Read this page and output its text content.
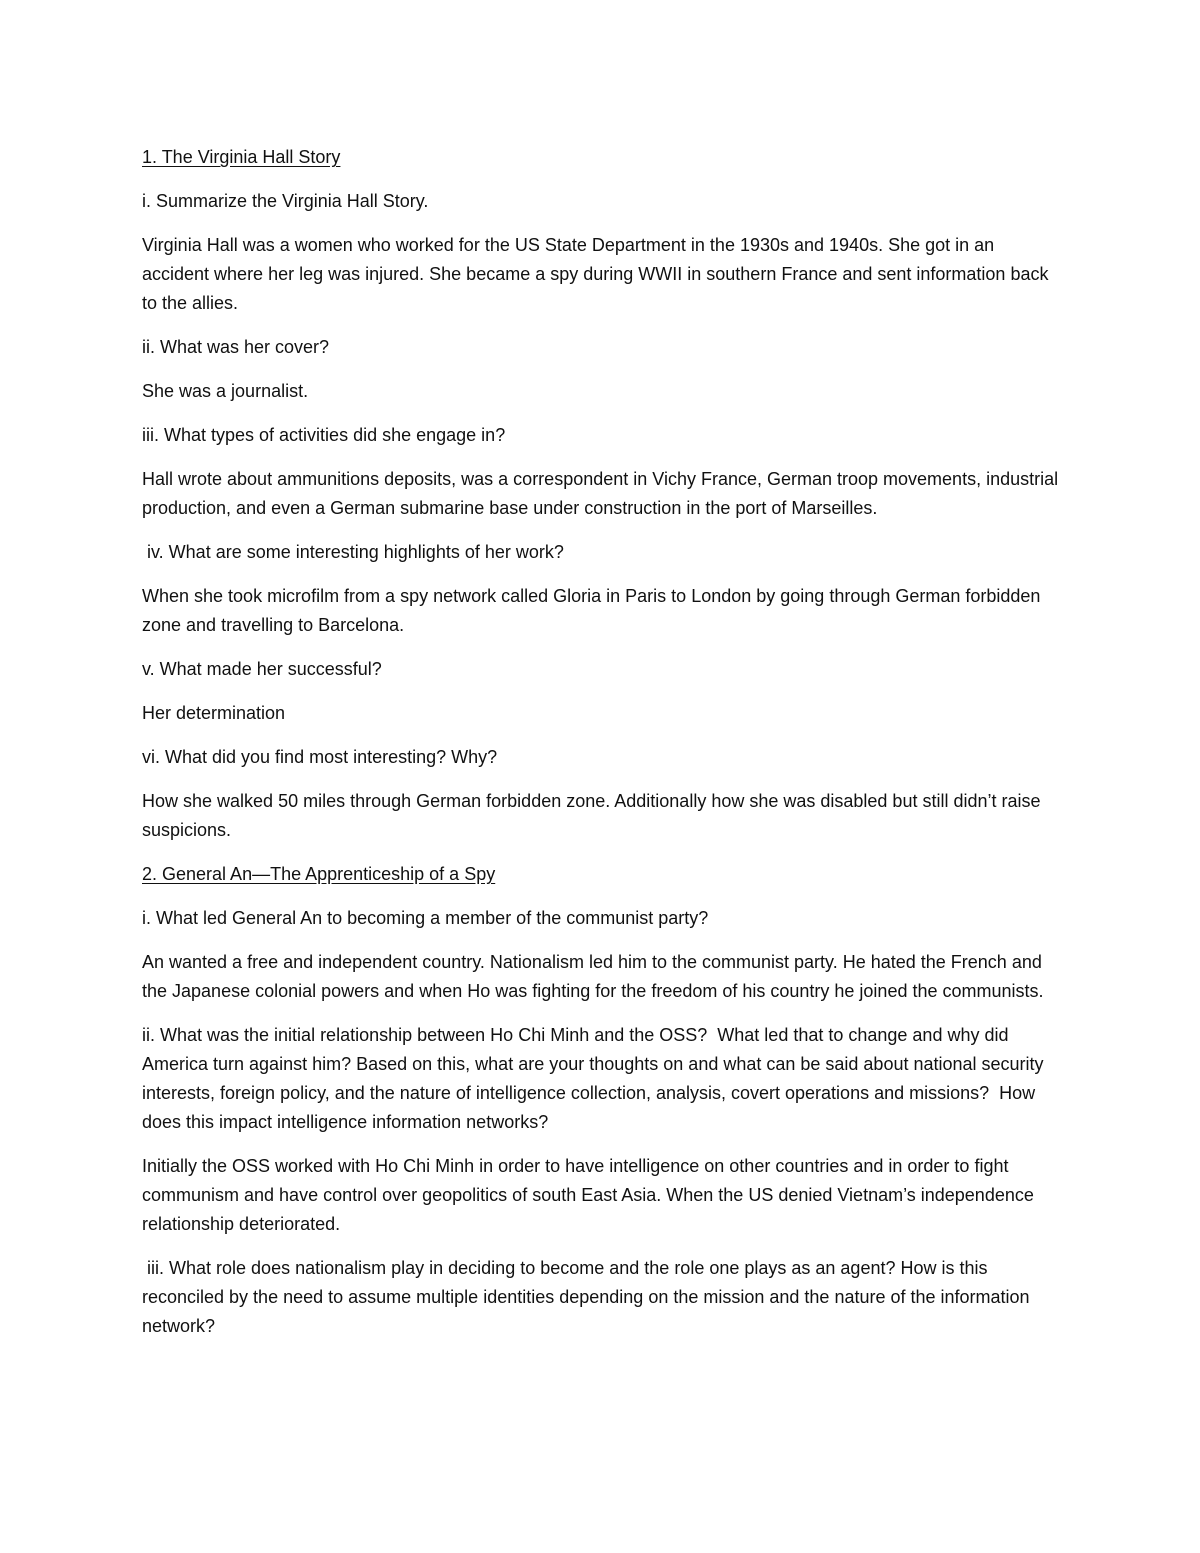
1. The Virginia Hall Story

i. Summarize the Virginia Hall Story.

Virginia Hall was a women who worked for the US State Department in the 1930s and 1940s. She got in an accident where her leg was injured. She became a spy during WWII in southern France and sent information back to the allies.

ii. What was her cover?

She was a journalist.

iii. What types of activities did she engage in?

Hall wrote about ammunitions deposits, was a correspondent in Vichy France, German troop movements, industrial production, and even a German submarine base under construction in the port of Marseilles.

iv. What are some interesting highlights of her work?

When she took microfilm from a spy network called Gloria in Paris to London by going through German forbidden zone and travelling to Barcelona.

v. What made her successful?

Her determination

vi. What did you find most interesting? Why?

How she walked 50 miles through German forbidden zone. Additionally how she was disabled but still didn’t raise suspicions.

2. General An—The Apprenticeship of a Spy

i. What led General An to becoming a member of the communist party?

An wanted a free and independent country. Nationalism led him to the communist party. He hated the French and the Japanese colonial powers and when Ho was fighting for the freedom of his country he joined the communists.

ii. What was the initial relationship between Ho Chi Minh and the OSS?  What led that to change and why did America turn against him? Based on this, what are your thoughts on and what can be said about national security interests, foreign policy, and the nature of intelligence collection, analysis, covert operations and missions?  How does this impact intelligence information networks?

Initially the OSS worked with Ho Chi Minh in order to have intelligence on other countries and in order to fight communism and have control over geopolitics of south East Asia. When the US denied Vietnam’s independence relationship deteriorated.

iii. What role does nationalism play in deciding to become and the role one plays as an agent? How is this reconciled by the need to assume multiple identities depending on the mission and the nature of the information network?
